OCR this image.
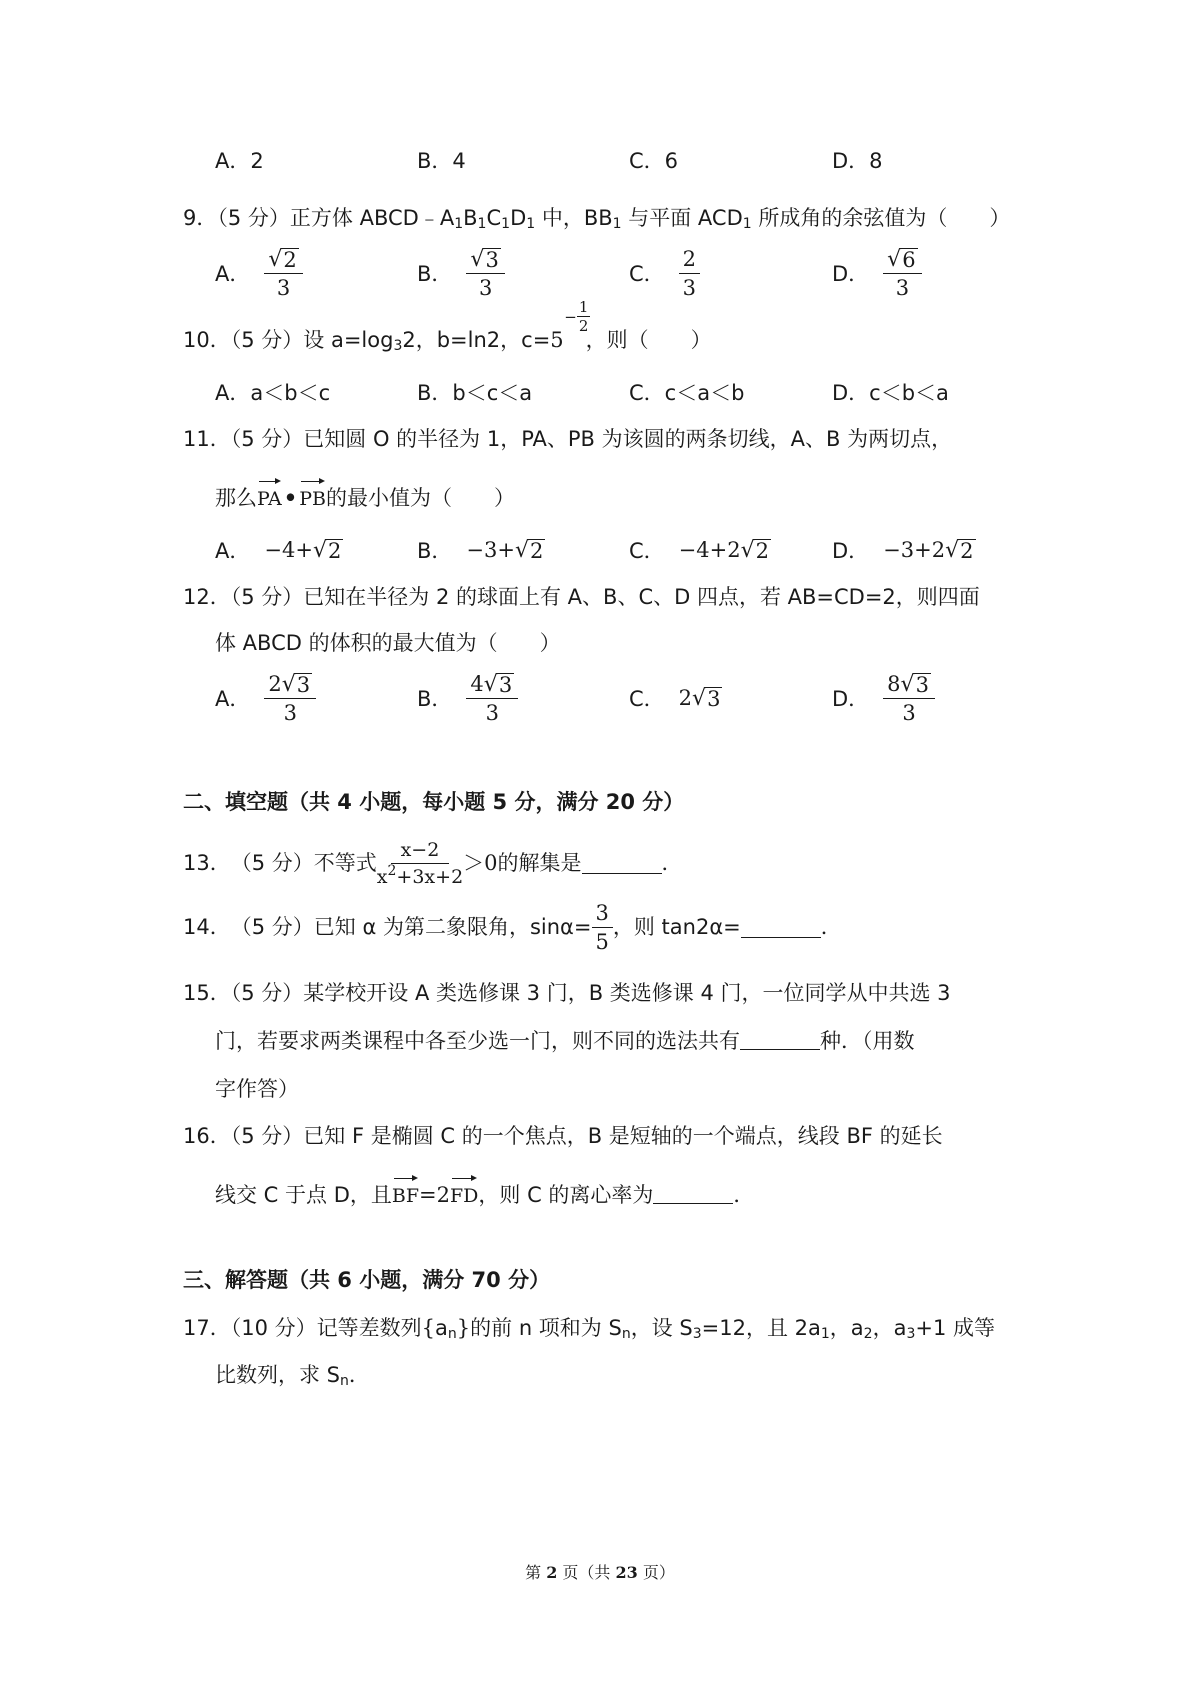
A．2	B．4	C．6	D．8
9．（5 分）正方体 $ABCD﹣A_1B_1C_1D_1$ 中，$BB_1$ 与平面 $ACD_1$ 所成角的余弦值为（　　）
A． $\frac{√ 2}{3}$	B． $\frac{√ 3}{3}$	C． $\frac{2}{3}$	D． $\frac{√ 6}{3}$
10．（5 分）设 $a=\log_32$，b=ln2，c=5
− $\frac{1}{2}$
，则（　　）
A．a＜b＜c	B．b＜c＜a	C．c＜a＜b	D．c＜b＜a
11．（5 分）已知圆 O 的半径为 1，PA、PB 为该圆的两条切线，A、B 为两切点，
那么PA• PB的最小值为（　　）
A． −4+ √ 2	B． −3+ √ 2	C． −4+2 √ 2	D． −3+2 √ 2
12．（5 分）已知在半径为 2 的球面上有 A、B、C、D 四点，若 AB=CD=2，则四面
体 ABCD 的体积的最大值为（　　）
A． $\frac{2 √ 3}{3}$	B． $\frac{4 √ 3}{3}$	C． 2 √ 3	D． $\frac{8 √ 3}{3}$
二、填空题（共 4 小题，每小题 5 分，满分 20 分）
13． （5 分） 不等式 $\frac{x-2}{x^2+3x+2} >0$ 的解集是	．
14． （5 分） 已知 α 为第二象限角，$\sin\alpha= \frac{3}{5}$ ，则 tan2α=	．
15．（5 分）某学校开设 A 类选修课 3 门，B 类选修课 4 门，一位同学从中共选 3
门，若要求两类课程中各至少选一门，则不同的选法共有	种．（用数
字作答）
16．（5 分）已知 F 是椭圆 C 的一个焦点，B 是短轴的一个端点，线段 BF 的延长
线交 C 于点 D，且BF=2FD，则 C 的离心率为	．
三、解答题（共 6 小题，满分 70 分）
17．（10 分）记等差数列$\{a_n\}$的前 n 项和为 $S_n$，设 $S_3=12$，且 $2a_1$，$a_2$，$a_3+1$ 成等
比数列，求 $S_n$．
第 2 页（共 23 页）
